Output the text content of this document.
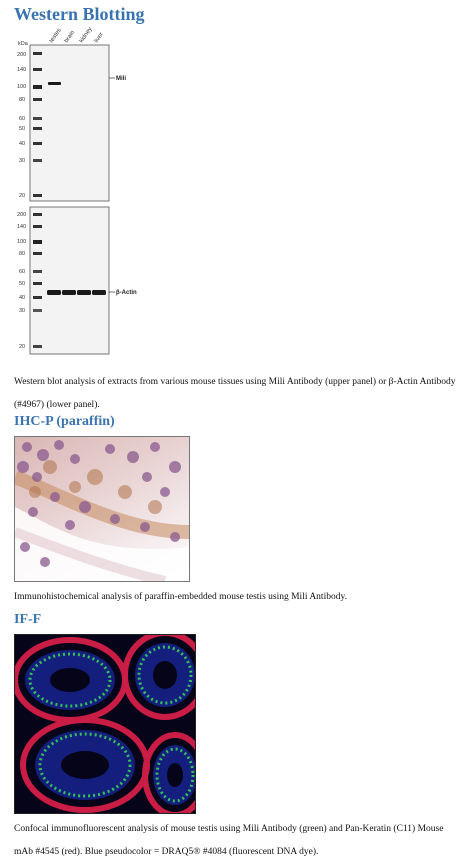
Western Blotting
kDa	testes brain kidney liver
200
140
100
80
60
50
40
30
20
Mili
200
140
100
80
60
50
40
30
20
β-Actin

Western blot analysis of extracts from various mouse tissues using Mili Antibody (upper panel) or β-Actin Antibody (#4967) (lower panel).

IHC-P (paraffin)

Immunohistochemical analysis of paraffin-embedded mouse testis using Mili Antibody.

IF-F

Confocal immunofluorescent analysis of mouse testis using Mili Antibody (green) and Pan-Keratin (C11) Mouse mAb #4545 (red). Blue pseudocolor = DRAQ5® #4084 (fluorescent DNA dye).
